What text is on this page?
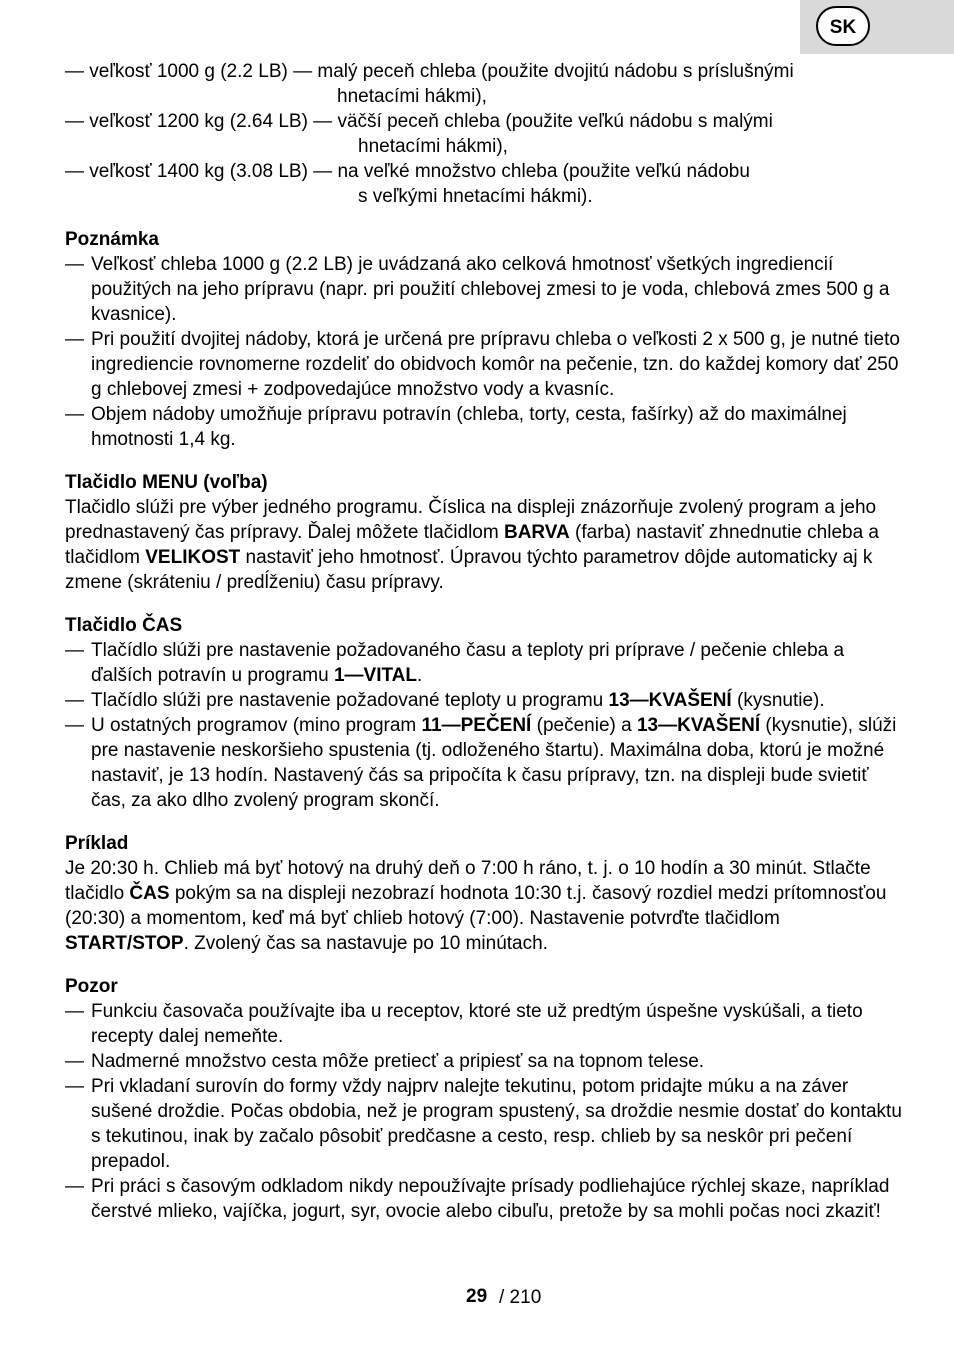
SK
— veľkosť 1000 g (2.2 LB) — malý peceň chleba (použite dvojitú nádobu s príslušnými
hnetacími hákmi),
— veľkosť 1200 kg (2.64 LB) — väčší peceň chleba (použite veľkú nádobu s malými
hnetacími hákmi),
— veľkosť 1400 kg (3.08 LB) — na veľké množstvo chleba (použite veľkú nádobu
s veľkými hnetacími hákmi).
Poznámka
— Veľkosť chleba 1000 g (2.2 LB) je uvádzaná ako celková hmotnosť všetkých ingrediencií použitých na jeho prípravu (napr. pri použití chlebovej zmesi to je voda, chlebová zmes 500 g a kvasnice).
— Pri použití dvojitej nádoby, ktorá je určená pre prípravu chleba o veľkosti 2 x 500 g, je nutné tieto ingrediencie rovnomerne rozdeliť do obidvoch komôr na pečenie, tzn. do každej komory dať 250 g chlebovej zmesi + zodpovedajúce množstvo vody a kvasníc.
— Objem nádoby umožňuje prípravu potravín (chleba, torty, cesta, fašírky) až do maximálnej hmotnosti 1,4 kg.
Tlačidlo MENU (voľba)

Tlačidlo slúži pre výber jedného programu. Číslica na displeji znázorňuje zvolený program a jeho prednastavený čas prípravy. Ďalej môžete tlačidlom BARVA (farba) nastaviť zhnednutie chleba a tlačidlom VELIKOST nastaviť jeho hmotnosť. Úpravou týchto parametrov dôjde automaticky aj k zmene (skráteniu / predĺženiu) času prípravy.

Tlačidlo ČAS
— Tlačídlo slúži pre nastavenie požadovaného času a teploty pri príprave / pečenie chleba a ďalších potravín u programu 1—VITAL.
— Tlačídlo slúži pre nastavenie požadované teploty u programu 13—KVAŠENÍ (kysnutie).
— U ostatných programov (mino program 11—PEČENÍ (pečenie) a 13—KVAŠENÍ (kysnutie), slúži pre nastavenie neskoršieho spustenia (tj. odloženého štartu). Maximálna doba, ktorú je možné nastaviť, je 13 hodín. Nastavený čás sa pripočíta k času prípravy, tzn. na displeji bude svietiť čas, za ako dlho zvolený program skončí.
Príklad

Je 20:30 h. Chlieb má byť hotový na druhý deň o 7:00 h ráno, t. j. o 10 hodín a 30 minút. Stlačte tlačidlo ČAS pokým sa na displeji nezobrazí hodnota 10:30 t.j. časový rozdiel medzi prítomnosťou (20:30) a momentom, keď má byť chlieb hotový (7:00). Nastavenie potvrďte tlačidlom START/STOP. Zvolený čas sa nastavuje po 10 minútach.

Pozor
— Funkciu časovača používajte iba u receptov, ktoré ste už predtým úspešne vyskúšali, a tieto recepty dalej nemeňte.
— Nadmerné množstvo cesta môže pretiecť a pripiesť sa na topnom telese.
— Pri vkladaní surovín do formy vždy najprv nalejte tekutinu, potom pridajte múku a na záver sušené droždie. Počas obdobia, než je program spustený, sa droždie nesmie dostať do kontaktu s tekutinou, inak by začalo pôsobiť predčasne a cesto, resp. chlieb by sa neskôr pri pečení prepadol.
— Pri práci s časovým odkladom nikdy nepoužívajte prísady podliehajúce rýchlej skaze, napríklad čerstvé mlieko, vajíčka, jogurt, syr, ovocie alebo cibuľu, pretože by sa mohli počas noci zkaziť!
29 / 210
